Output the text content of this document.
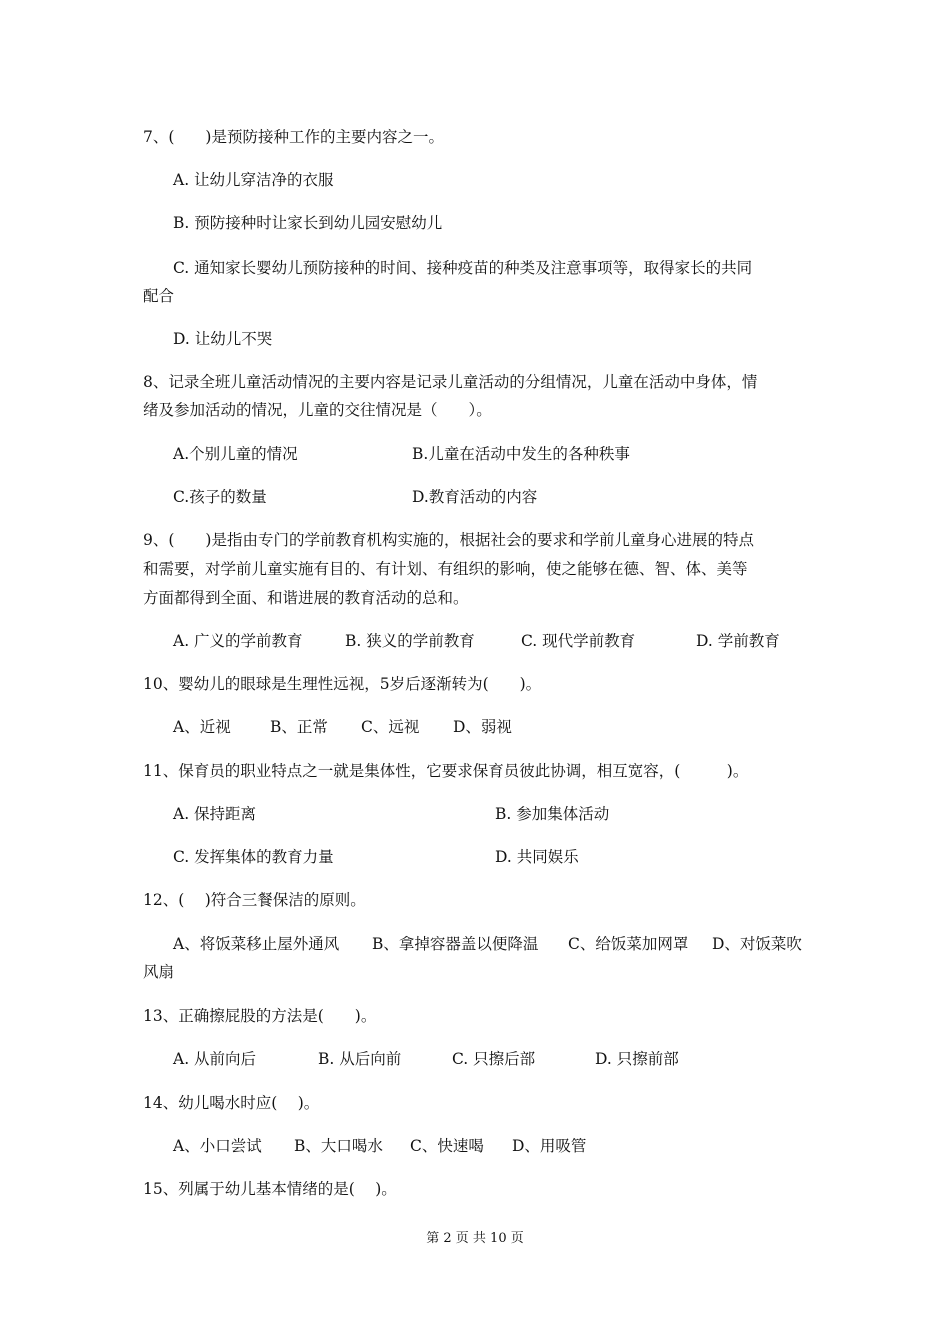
7、(　　)是预防接种工作的主要内容之一。
A. 让幼儿穿洁净的衣服
B. 预防接种时让家长到幼儿园安慰幼儿
C. 通知家长婴幼儿预防接种的时间、接种疫苗的种类及注意事项等，取得家长的共同
配合
D. 让幼儿不哭
8、记录全班儿童活动情况的主要内容是记录儿童活动的分组情况，儿童在活动中身体，情
绪及参加活动的情况，儿童的交往情况是（　　）。
A.个别儿童的情况	B.儿童在活动中发生的各种秩事
C.孩子的数量	D.教育活动的内容
9、(　　)是指由专门的学前教育机构实施的，根据社会的要求和学前儿童身心进展的特点
和需要，对学前儿童实施有目的、有计划、有组织的影响，使之能够在德、智、体、美等
方面都得到全面、和谐进展的教育活动的总和。
A. 广义的学前教育	B. 狭义的学前教育	C. 现代学前教育	D. 学前教育
10、婴幼儿的眼球是生理性远视，5岁后逐渐转为(　　)。
A、近视	B、正常 C、远视 D、弱视
11、保育员的职业特点之一就是集体性，它要求保育员彼此协调，相互宽容，(　　　)。
A. 保持距离	B. 参加集体活动
C. 发挥集体的教育力量	D. 共同娱乐
12、(　 )符合三餐保洁的原则。
A、将饭菜移止屋外通风 B、拿掉容器盖以便降温 C、给饭菜加网罩 D、对饭菜吹
风扇
13、正确擦屁股的方法是(　　)。
A. 从前向后	B. 从后向前	C. 只擦后部	D. 只擦前部
14、幼儿喝水时应(　 )。
A、小口尝试 B、大口喝水 C、快速喝 D、用吸管
15、列属于幼儿基本情绪的是(　 )。
第 2 页 共 10 页
